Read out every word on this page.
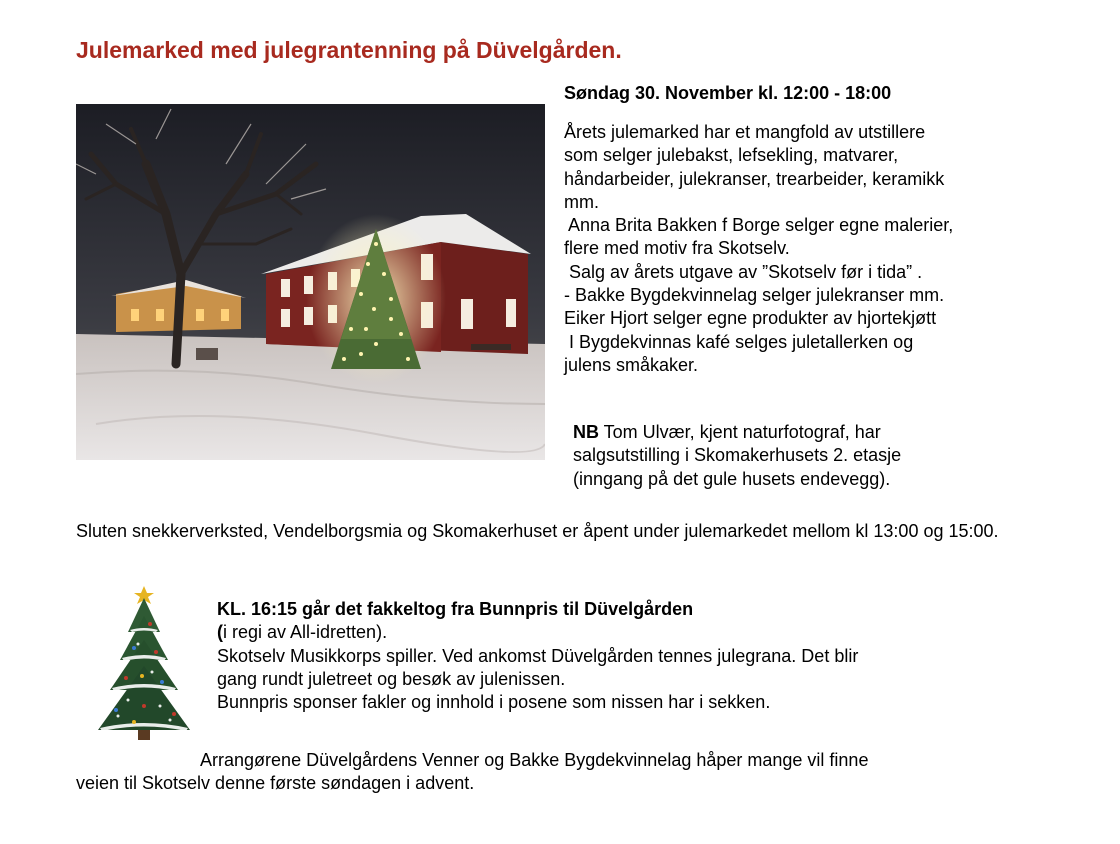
Julemarked med julegrantenning på Düvelgården.
Søndag 30. November kl. 12:00 - 18:00
Årets julemarked har et mangfold av utstillere
som selger julebakst, lefsekling, matvarer,
håndarbeider, julekranser, trearbeider, keramikk
mm.
Anna Brita Bakken f Borge selger egne malerier,
flere med motiv fra Skotselv.
Salg av årets utgave av ”Skotselv før i tida” .
- Bakke Bygdekvinnelag selger julekranser mm.
Eiker Hjort selger egne produkter av hjortekjøtt
I Bygdekvinnas kafé selges juletallerken og
julens småkaker.
NB Tom Ulvær, kjent naturfotograf, har
salgsutstilling i Skomakerhusets 2. etasje
(inngang på det gule husets endevegg).
Sluten snekkerverksted, Vendelborgsmia og Skomakerhuset er åpent under julemarkedet mellom kl 13:00 og 15:00.
KL. 16:15 går det fakkeltog fra Bunnpris til Düvelgården
(i regi av All-idretten).
Skotselv Musikkorps spiller. Ved ankomst Düvelgården tennes julegrana. Det blir
gang rundt juletreet og besøk av julenissen.
Bunnpris sponser fakler og innhold i posene som nissen har i sekken.
Arrangørene Düvelgårdens Venner og Bakke Bygdekvinnelag håper mange vil finne
veien til Skotselv denne første søndagen i advent.
